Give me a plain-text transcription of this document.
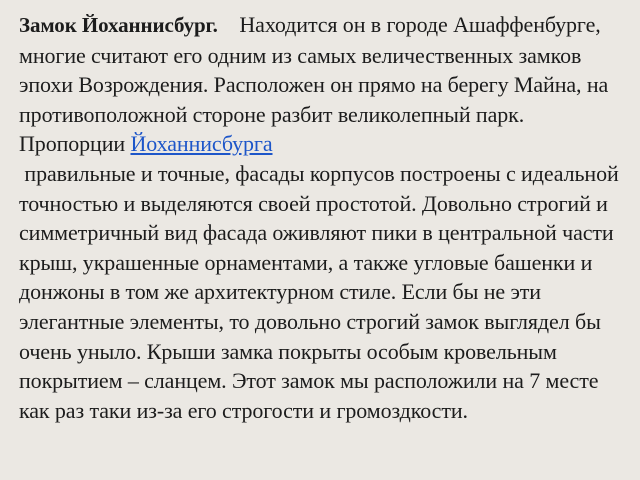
Замок Йоханнисбург. Находится он в городе Ашаффенбурге, многие считают его одним из самых величественных замков эпохи Возрождения. Расположен он прямо на берегу Майна, на противоположной стороне разбит великолепный парк. Пропорции Йоханнисбурга
правильные и точные, фасады корпусов построены с идеальной точностью и выделяются своей простотой. Довольно строгий и симметричный вид фасада оживляют пики в центральной части крыш, украшенные орнаментами, а также угловые башенки и донжоны в том же архитектурном стиле. Если бы не эти элегантные элементы, то довольно строгий замок выглядел бы очень уныло. Крыши замка покрыты особым кровельным покрытием – сланцем. Этот замок мы расположили на 7 месте как раз таки из-за его строгости и громоздкости.
